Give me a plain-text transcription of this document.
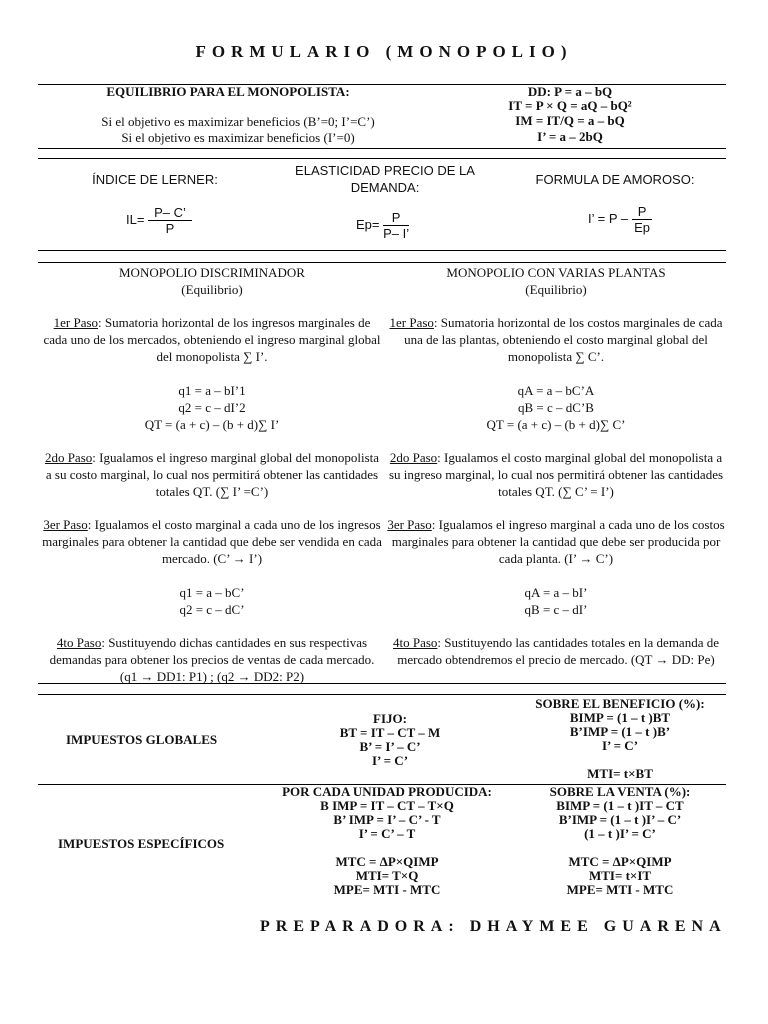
FORMULARIO (MONOPOLIO)
EQUILIBRIO PARA EL MONOPOLISTA:
Si el objetivo es maximizar beneficios (B’=0; I’=C’)
Si el objetivo es maximizar beneficios (I’=0)
DD: P = a – bQ
IT = P × Q = aQ – bQ²
IM = IT/Q = a – bQ
I’ = a – 2bQ
ÍNDICE DE LERNER:
$IL= \frac{P- C’}{P}$
ELASTICIDAD PRECIO DE LA DEMANDA:
$Ep= \frac{P}{P- I’}$
FORMULA DE AMOROSO:
I’ = P – $\frac{P}{Ep}$

MONOPOLIO DISCRIMINADOR

(Equilibrio)

1er Paso: Sumatoria horizontal de los ingresos marginales de cada uno de los mercados, obteniendo el ingreso marginal global del monopolista ∑ I’.

q1 = a – bI’1

q2 = c – dI’2

QT = (a + c) – (b + d)∑ I’

2do Paso: Igualamos el ingreso marginal global del monopolista a su costo marginal, lo cual nos permitirá obtener las cantidades totales QT. (∑ I’ =C’)

3er Paso: Igualamos el costo marginal a cada uno de los ingresos marginales para obtener la cantidad que debe ser vendida en cada mercado. (C’ → I’)

q1 = a – bC’

q2 = c – dC’

4to Paso: Sustituyendo dichas cantidades en sus respectivas demandas para obtener los precios de ventas de cada mercado. (q1 → DD1: P1) ; (q2 → DD2: P2)

MONOPOLIO CON VARIAS PLANTAS

(Equilibrio)

1er Paso: Sumatoria horizontal de los costos marginales de cada una de las plantas, obteniendo el costo marginal global del monopolista ∑ C’.

qA = a – bC’A

qB = c – dC’B

QT = (a + c) – (b + d)∑ C’

2do Paso: Igualamos el costo marginal global del monopolista a su ingreso marginal, lo cual nos permitirá obtener las cantidades totales QT. (∑ C’ = I’)

3er Paso: Igualamos el ingreso marginal a cada uno de los costos marginales para obtener la cantidad que debe ser producida por cada planta. (I’ → C’)

qA = a – bI’

qB = c – dI’

4to Paso: Sustituyendo las cantidades totales en la demanda de mercado obtendremos el precio de mercado. (QT → DD: Pe)

IMPUESTOS GLOBALES
FIJO:
BT = IT – CT – M
B’ = I’ – C’
I’ = C’
SOBRE EL BENEFICIO (%):
BIMP = (1 – t )BT
B’IMP = (1 – t )B’
I’ = C’
MTI= t×BT
IMPUESTOS ESPECÍFICOS
POR CADA UNIDAD PRODUCIDA:
B IMP = IT – CT – T×Q
B’ IMP = I’ – C’ - T
I’ = C’ – T
MTC = ΔP×QIMP
MTI= T×Q
MPE= MTI - MTC
SOBRE LA VENTA (%):
BIMP = (1 – t )IT – CT
B’IMP = (1 – t )I’ – C’
(1 – t )I’ = C’
MTC = ΔP×QIMP
MTI= t×IT
MPE= MTI - MTC
PREPARADORA: DHAYMEE GUARENA
